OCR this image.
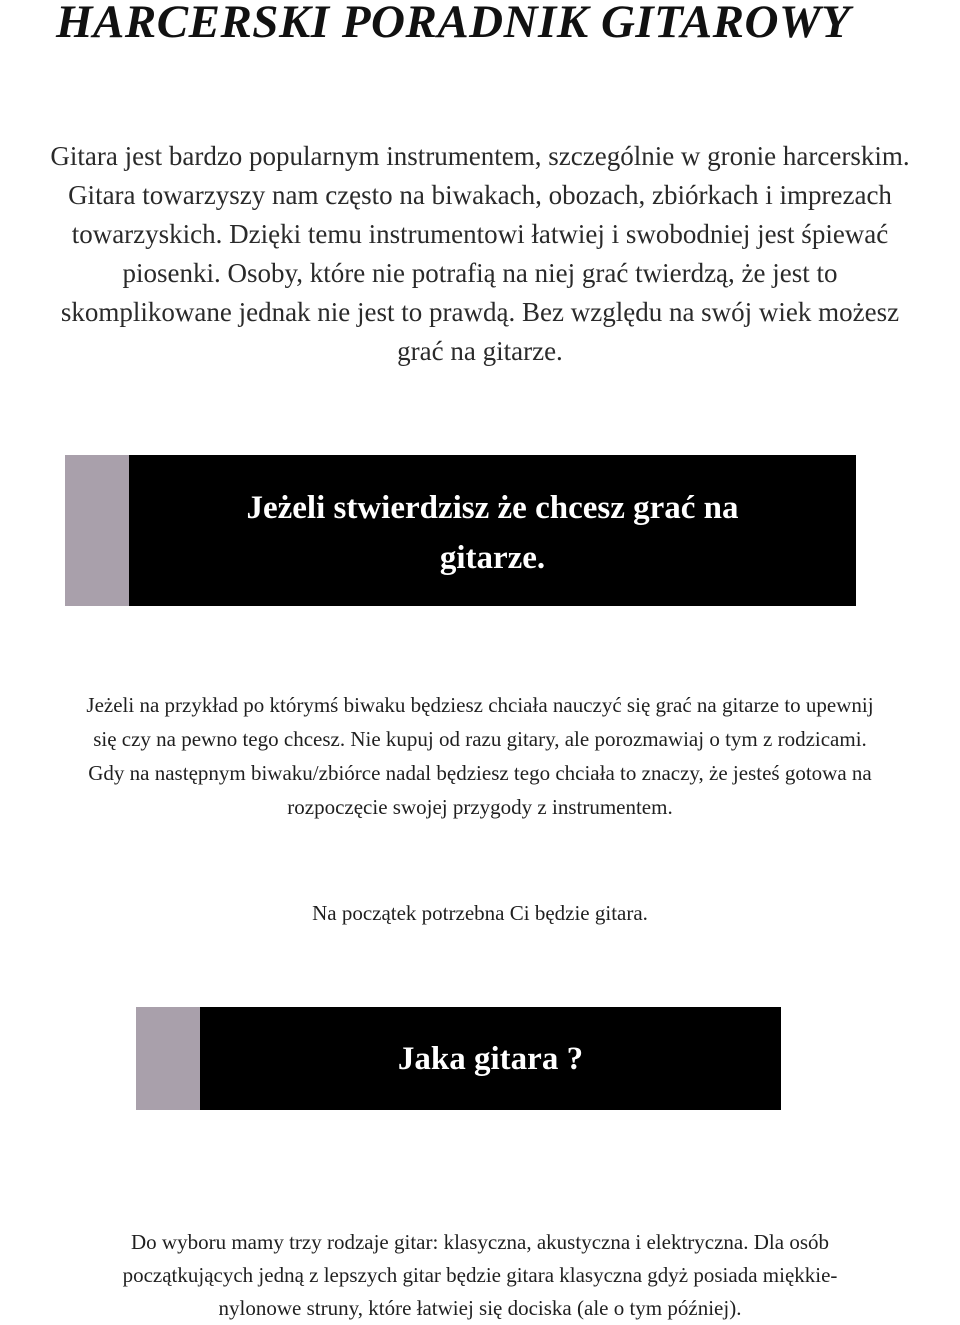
HARCERSKI PORADNIK GITAROWY
Gitara jest bardzo popularnym instrumentem, szczególnie w gronie harcerskim.
Gitara towarzyszy nam często na biwakach, obozach, zbiórkach i imprezach
towarzyskich. Dzięki temu instrumentowi łatwiej i swobodniej jest śpiewać
piosenki. Osoby, które nie potrafią na niej grać twierdzą, że jest to
skomplikowane jednak nie jest to prawdą. Bez względu na swój wiek możesz
grać na gitarze.
Jeżeli stwierdzisz że chcesz grać na
gitarze.
Jeżeli na przykład po którymś biwaku będziesz chciała nauczyć się grać na gitarze to upewnij
się czy na pewno tego chcesz. Nie kupuj od razu gitary, ale porozmawiaj o tym z rodzicami.
Gdy na następnym biwaku/zbiórce nadal będziesz tego chciała to znaczy, że jesteś gotowa na
rozpoczęcie swojej przygody z instrumentem.
Na początek potrzebna Ci będzie gitara.
Jaka gitara ?
Do wyboru mamy trzy rodzaje gitar: klasyczna, akustyczna i elektryczna. Dla osób
początkujących jedną z lepszych gitar będzie gitara klasyczna gdyż posiada miękkie-
nylonowe struny, które łatwiej się dociska (ale o tym później).
